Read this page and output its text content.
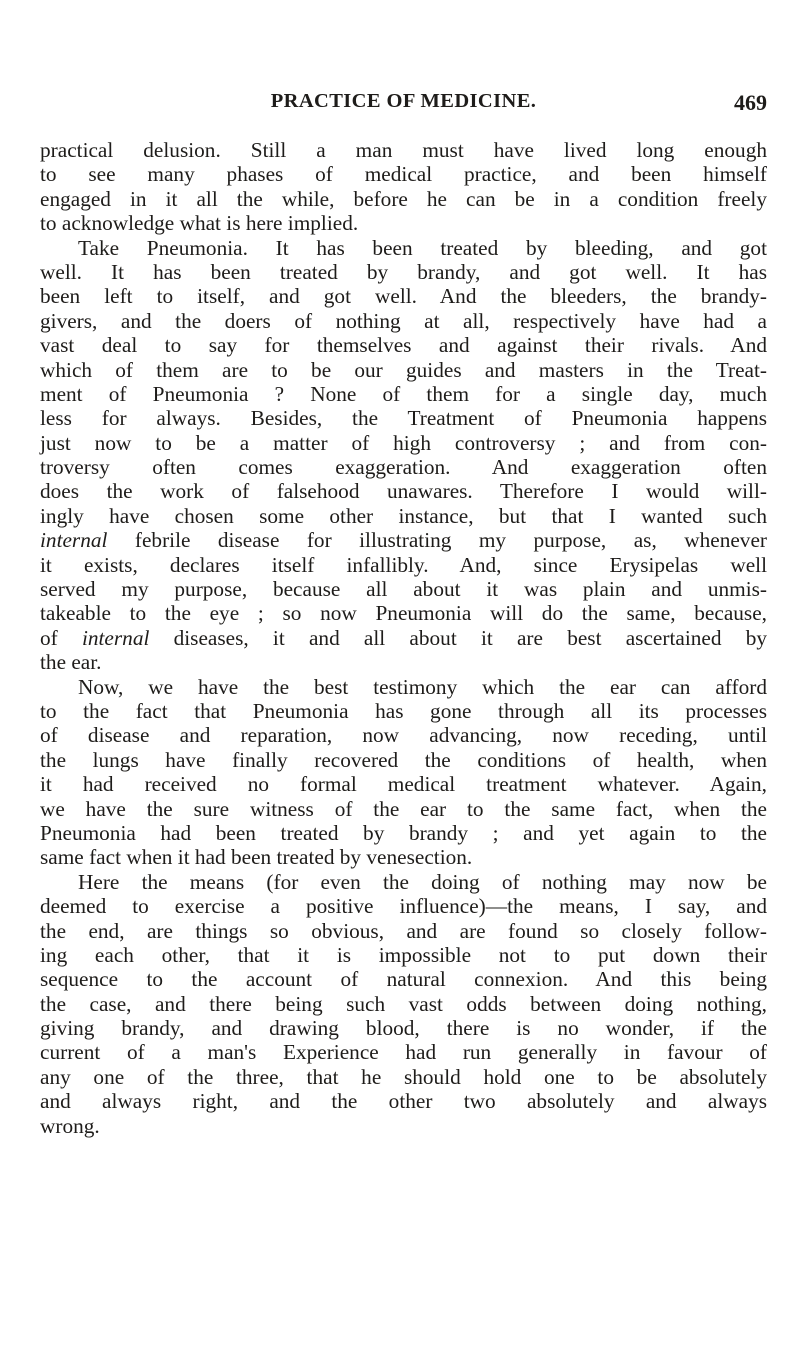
PRACTICE OF MEDICINE.	469

practical delusion. Still a man must have lived long enough
to see many phases of medical practice, and been himself
engaged in it all the while, before he can be in a condition freely
to acknowledge what is here implied.

Take Pneumonia. It has been treated by bleeding, and got
well. It has been treated by brandy, and got well. It has
been left to itself, and got well. And the bleeders, the brandy-
givers, and the doers of nothing at all, respectively have had a
vast deal to say for themselves and against their rivals. And
which of them are to be our guides and masters in the Treat-
ment of Pneumonia ? None of them for a single day, much
less for always. Besides, the Treatment of Pneumonia happens
just now to be a matter of high controversy ; and from con-
troversy often comes exaggeration. And exaggeration often
does the work of falsehood unawares. Therefore I would will-
ingly have chosen some other instance, but that I wanted such
internal febrile disease for illustrating my purpose, as, whenever
it exists, declares itself infallibly. And, since Erysipelas well
served my purpose, because all about it was plain and unmis-
takeable to the eye ; so now Pneumonia will do the same, because,
of internal diseases, it and all about it are best ascertained by
the ear.

Now, we have the best testimony which the ear can afford
to the fact that Pneumonia has gone through all its processes
of disease and reparation, now advancing, now receding, until
the lungs have finally recovered the conditions of health, when
it had received no formal medical treatment whatever. Again,
we have the sure witness of the ear to the same fact, when the
Pneumonia had been treated by brandy ; and yet again to the
same fact when it had been treated by venesection.

Here the means (for even the doing of nothing may now be
deemed to exercise a positive influence)—the means, I say, and
the end, are things so obvious, and are found so closely follow-
ing each other, that it is impossible not to put down their
sequence to the account of natural connexion. And this being
the case, and there being such vast odds between doing nothing,
giving brandy, and drawing blood, there is no wonder, if the
current of a man's Experience had run generally in favour of
any one of the three, that he should hold one to be absolutely
and always right, and the other two absolutely and always
wrong.
